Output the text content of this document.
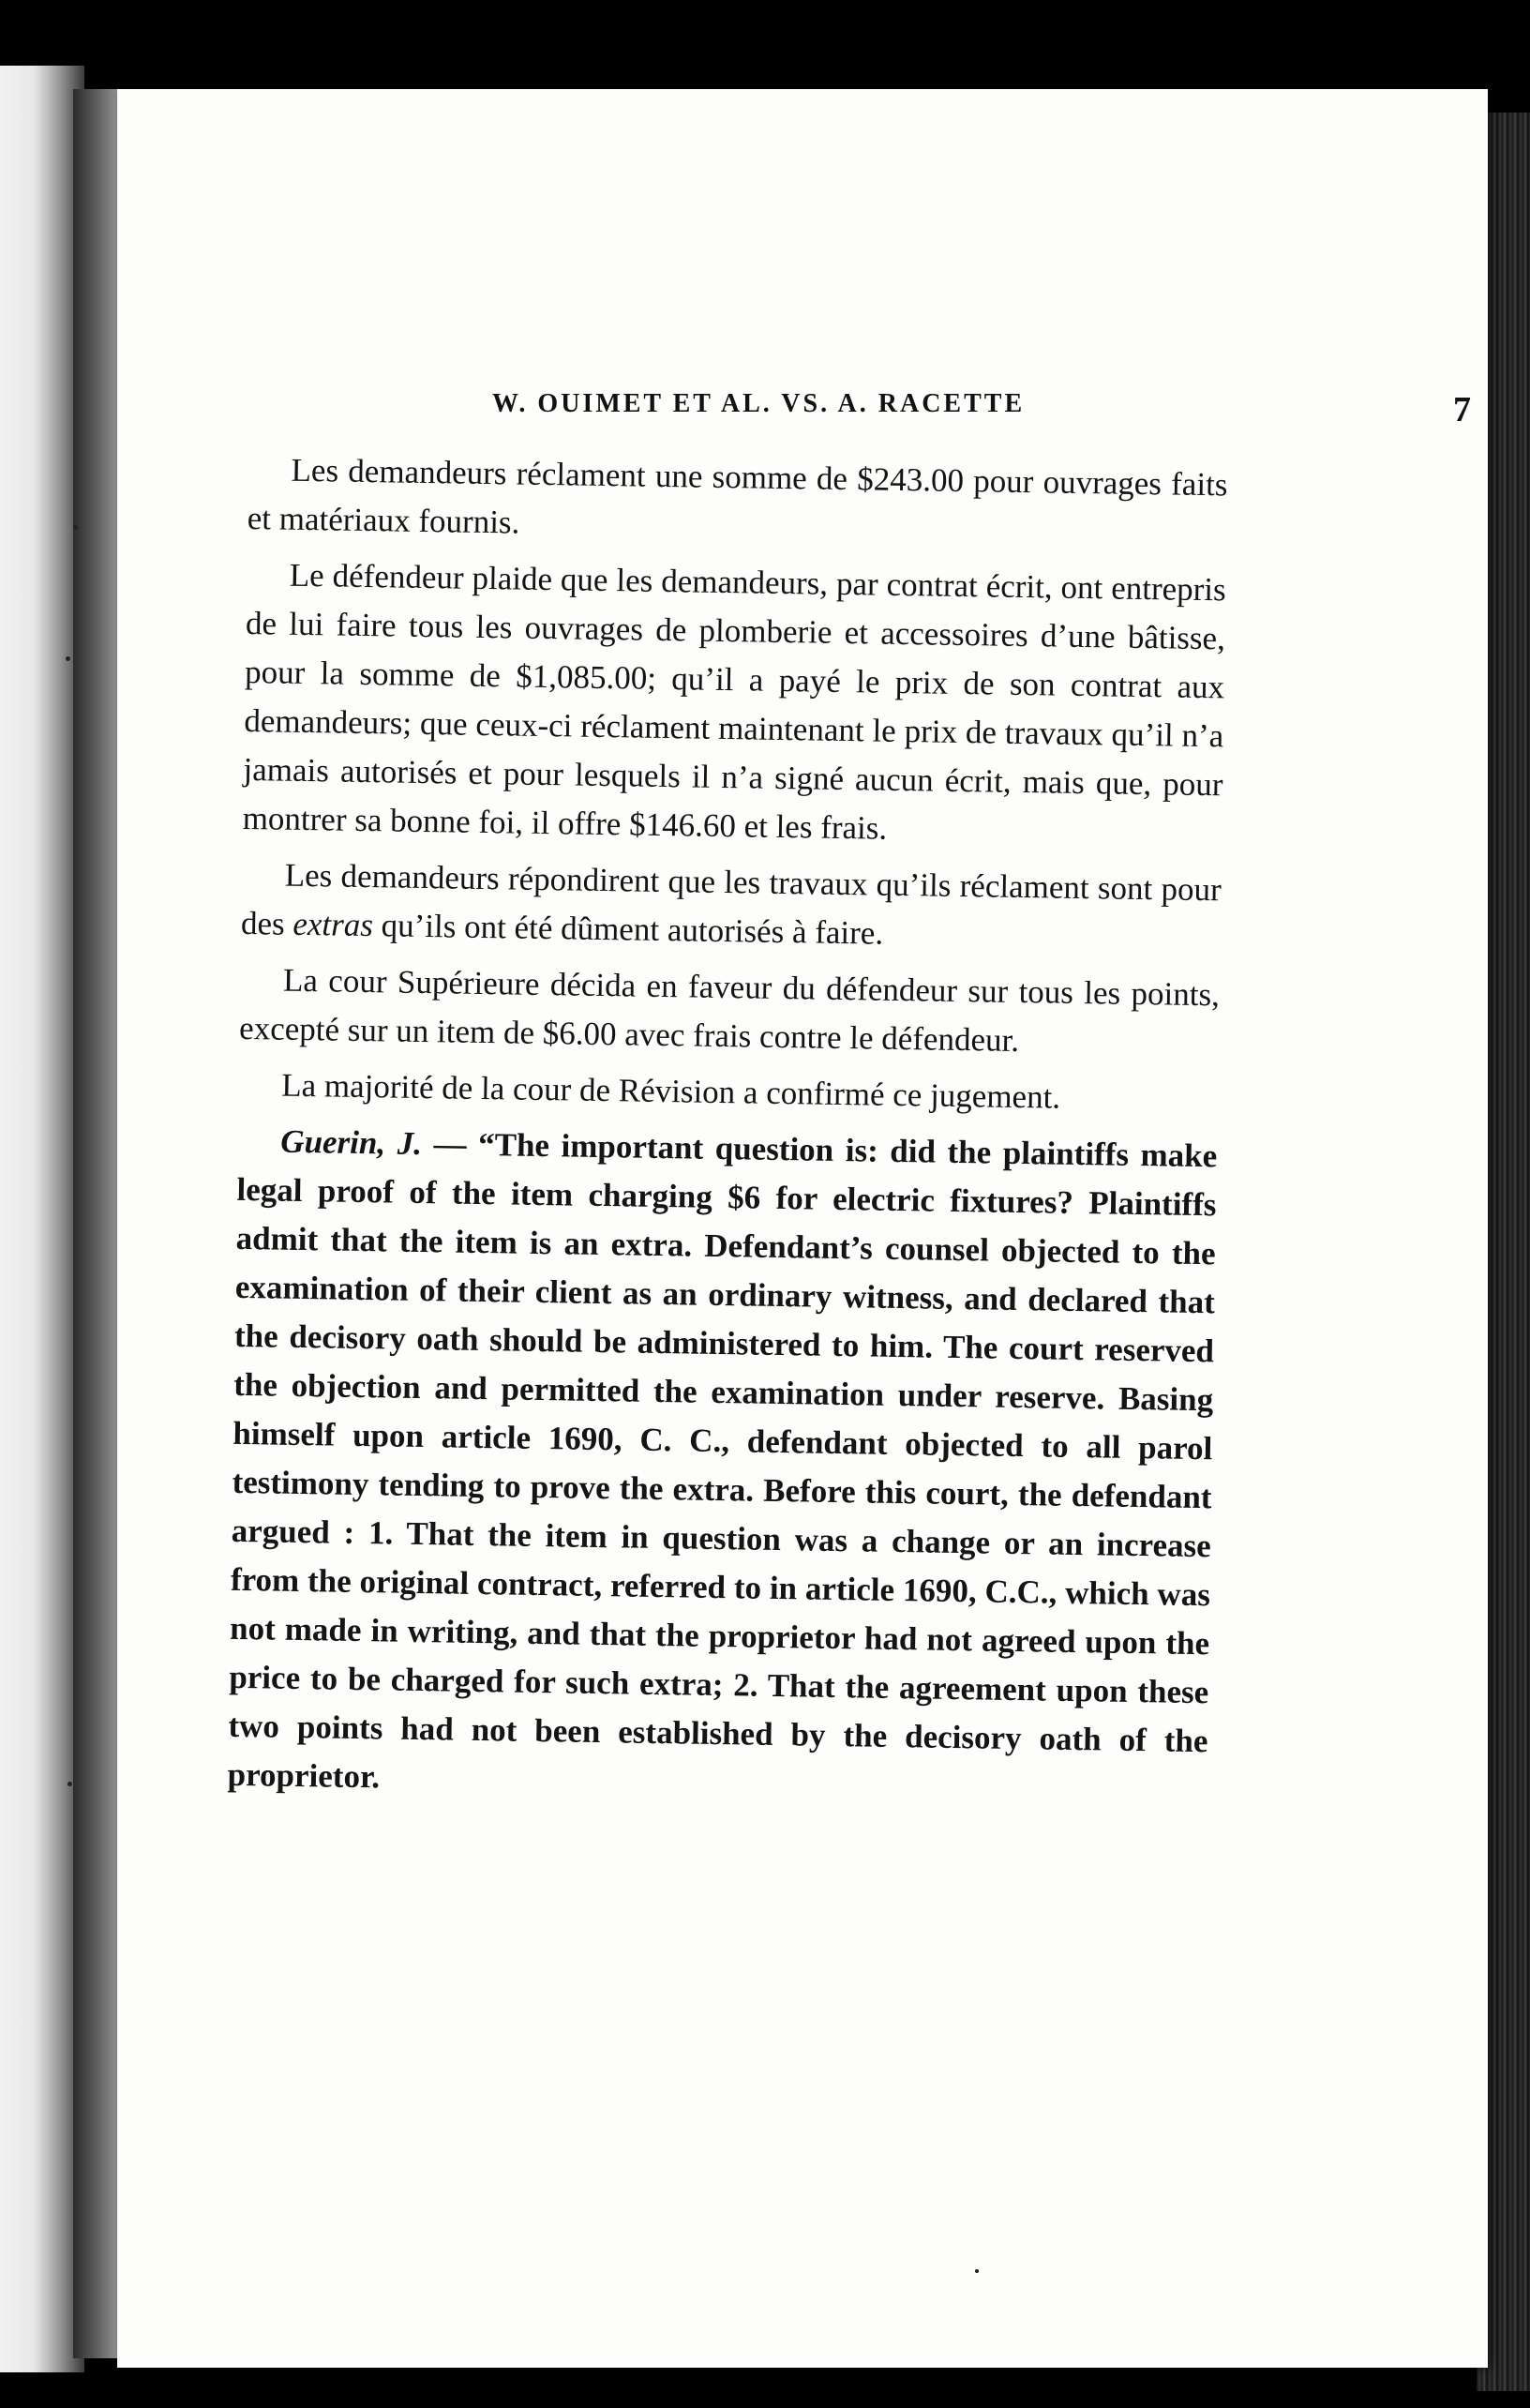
W. OUIMET ET AL. VS. A. RACETTE	7

Les demandeurs réclament une somme de $243.00 pour ouvrages faits et matériaux fournis.

Le défendeur plaide que les demandeurs, par contrat écrit, ont entrepris de lui faire tous les ouvrages de plomberie et accessoires d’une bâtisse, pour la somme de $1,085.00; qu’il a payé le prix de son contrat aux demandeurs; que ceux-ci réclament maintenant le prix de travaux qu’il n’a jamais autorisés et pour lesquels il n’a signé aucun écrit, mais que, pour montrer sa bonne foi, il offre $146.60 et les frais.

Les demandeurs répondirent que les travaux qu’ils réclament sont pour des extras qu’ils ont été dûment autorisés à faire.

La cour Supérieure décida en faveur du défendeur sur tous les points, excepté sur un item de $6.00 avec frais contre le défendeur.

La majorité de la cour de Révision a confirmé ce jugement.

Guerin, J. — “The important question is: did the plaintiffs make legal proof of the item charging $6 for electric fixtures? Plaintiffs admit that the item is an extra. Defendant’s counsel objected to the examination of their client as an ordinary witness, and declared that the decisory oath should be administered to him. The court reserved the objection and permitted the examination under reserve. Basing himself upon article 1690, C. C., defendant objected to all parol testimony tending to prove the extra. Before this court, the defendant argued : 1. That the item in question was a change or an increase from the original contract, referred to in article 1690, C.C., which was not made in writing, and that the proprietor had not agreed upon the price to be charged for such extra; 2. That the agreement upon these two points had not been established by the decisory oath of the proprietor.
